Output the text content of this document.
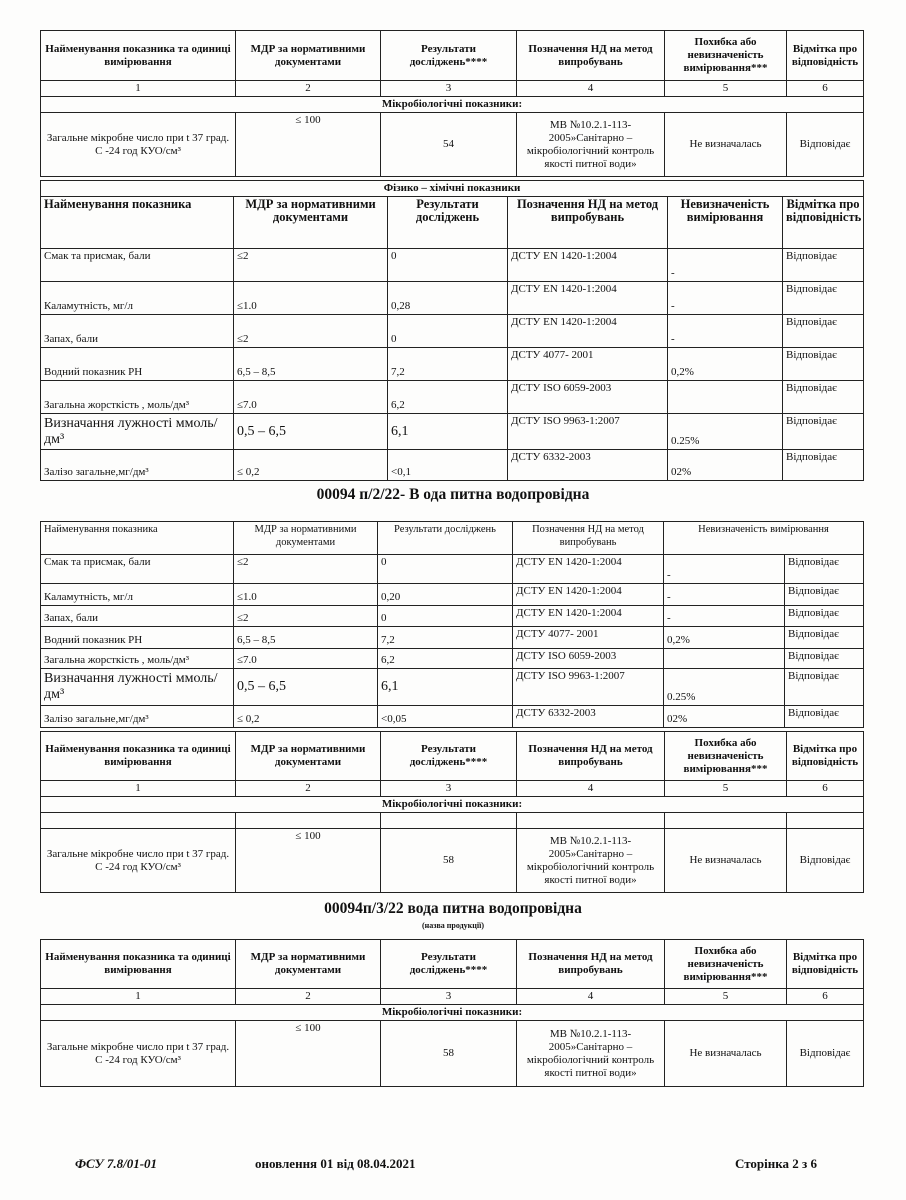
Найменування показника та одиниці вимірювання	МДР за нормативними документами	Результати досліджень****	Позначення НД на метод випробувань	Похибка або невизначеність вимірювання***	Відмітка про відповідність
1	2	3	4	5	6
Мікробіологічні показники:					
Загальне мікробне число при t 37 град. С -24 год КУО/см³	≤ 100	54	МВ №10.2.1-113-2005»Санітарно – мікробіологічний контроль якості питної води»	Не визначалась	Відповідає
Фізико – хімічні показники					
Найменування показника	МДР за нормативними документами	Результати досліджень	Позначення НД на метод випробувань	Невизначеність вимірювання	Відмітка про відповідність
Смак та присмак, бали	≤2	0	ДСТУ EN 1420-1:2004	-	Відповідає
Каламутність, мг/л	≤1.0	0,28	ДСТУ EN 1420-1:2004	-	Відповідає
Запах, бали	≤2	0	ДСТУ EN 1420-1:2004	-	Відповідає
Водний показник PH	6,5 – 8,5	7,2	ДСТУ 4077- 2001	0,2%	Відповідає
Загальна жорсткість , моль/дм³	≤7.0	6,2	ДСТУ ISO 6059-2003		Відповідає
Визначання лужності ммоль/дм³	0,5 – 6,5	6,1	ДСТУ ISO 9963-1:2007	0.25%	Відповідає
Залізо загальне,мг/дм³	≤ 0,2	<0,1	ДСТУ 6332-2003	02%	Відповідає
00094 п/2/22- В ода питна водопровідна
Найменування показника	МДР за нормативними документами	Результати досліджень	Позначення НД на метод випробувань	Невизначеність вимірювання	
Смак та присмак, бали	≤2	0	ДСТУ EN 1420-1:2004	-	Відповідає
Каламутність, мг/л	≤1.0	0,20	ДСТУ EN 1420-1:2004	-	Відповідає
Запах, бали	≤2	0	ДСТУ EN 1420-1:2004	-	Відповідає
Водний показник PH	6,5 – 8,5	7,2	ДСТУ 4077- 2001	0,2%	Відповідає
Загальна жорсткість , моль/дм³	≤7.0	6,2	ДСТУ ISO 6059-2003		Відповідає
Визначання лужності ммоль/дм³	0,5 – 6,5	6,1	ДСТУ ISO 9963-1:2007	0.25%	Відповідає
Залізо загальне,мг/дм³	≤ 0,2	<0,05	ДСТУ 6332-2003	02%	Відповідає
Найменування показника та одиниці вимірювання	МДР за нормативними документами	Результати досліджень****	Позначення НД на метод випробувань	Похибка або невизначеність вимірювання***	Відмітка про відповідність
1	2	3	4	5	6
Мікробіологічні показники:					

Загальне мікробне число при t 37 град. С -24 год КУО/см³	≤ 100	58	МВ №10.2.1-113-2005»Санітарно – мікробіологічний контроль якості питної води»	Не визначалась	Відповідає
00094п/3/22 вода питна водопровідна
(назва продукції)
Найменування показника та одиниці вимірювання	МДР за нормативними документами	Результати досліджень****	Позначення НД на метод випробувань	Похибка або невизначеність вимірювання***	Відмітка про відповідність
1	2	3	4	5	6
Мікробіологічні показники:					
Загальне мікробне число при t 37 град. С -24 год КУО/см³	≤ 100	58	МВ №10.2.1-113-2005»Санітарно – мікробіологічний контроль якості питної води»	Не визначалась	Відповідає
ФСУ 7.8/01-01	оновлення 01 від 08.04.2021	Сторінка 2 з 6
